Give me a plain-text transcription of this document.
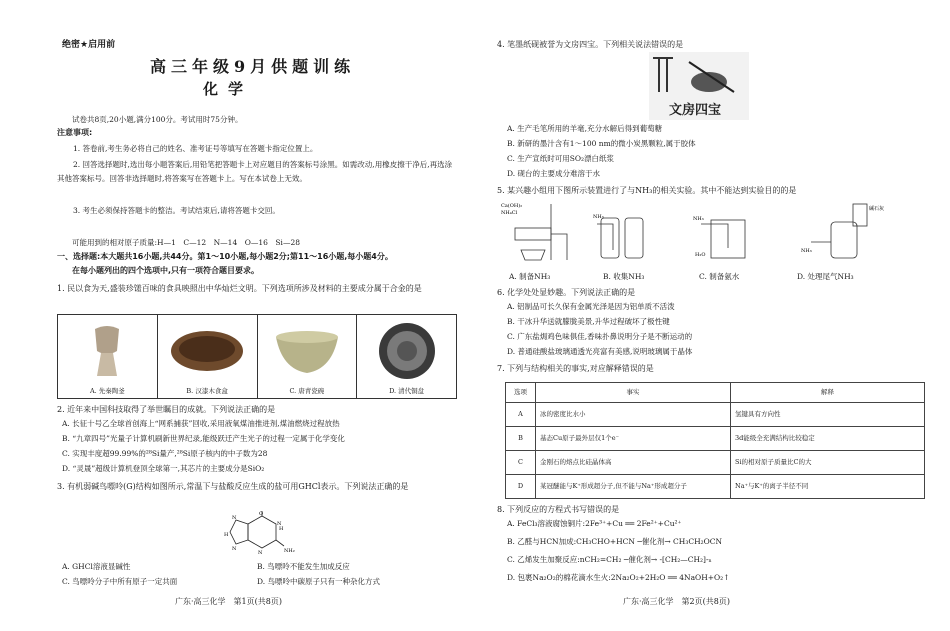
绝密★启用前
高三年级9月供题训练
化学
试卷共8页,20小题,满分100分。考试用时75分钟。
注意事项:
1. 答卷前,考生务必将自己的姓名、准考证号等填写在答题卡指定位置上。
2. 回答选择题时,选出每小题答案后,用铅笔把答题卡上对应题目的答案标号涂黑。如需改动,用橡皮擦干净后,再选涂其他答案标号。回答非选择题时,将答案写在答题卡上。写在本试卷上无效。
3. 考生必须保持答题卡的整洁。考试结束后,请将答题卡交回。
可能用到的相对原子质量:H—1　C—12　N—14　O—16　Si—28
一、选择题:本大题共16小题,共44分。第1～10小题,每小题2分;第11～16小题,每小题4分。
在每小题列出的四个选项中,只有一项符合题目要求。
1. 民以食为天,盛装珍馐百味的食具映照出中华灿烂文明。下列选项所涉及材料的主要成分属于合金的是
A. 先秦陶釜	B. 汉漆木食盒	C. 唐青瓷碗	D. 清代铜盘
2. 近年来中国科技取得了举世瞩目的成就。下列说法正确的是
A. 长征十号乙全球首创海上“网系捕获”回收,采用液氧煤油推进剂,煤油燃烧过程放热
B. “九章四号”光量子计算机刷新世界纪录,能级跃迁产生光子的过程一定属于化学变化
C. 实现丰度超99.99%的²⁸Si量产,²⁸Si原子核内的中子数为28
D. “灵晟”超级计算机登顶全球第一,其芯片的主要成分是SiO₂
3. 有机弱碱鸟嘌呤(G)结构如图所示,常温下与盐酸反应生成的盐可用GHCl表示。下列说法正确的是
O
N
N
H
N
H
N	NH₂
A. GHCl溶液显碱性	B. 鸟嘌呤不能发生加成反应
C. 鸟嘌呤分子中所有原子一定共面	D. 鸟嘌呤中碳原子只有一种杂化方式
广东·高三化学　第1页(共8页)
4. 笔墨纸砚被誉为文房四宝。下列相关说法错误的是
文房四宝
A. 生产毛笔所用的羊毫,充分水解后得到葡萄糖
B. 新研的墨汁含有1～100 nm的微小炭黑颗粒,属于胶体
C. 生产宣纸时可用SO₂漂白纸浆
D. 砚台的主要成分难溶于水
5. 某兴趣小组用下图所示装置进行了与NH₃的相关实验。其中不能达到实验目的的是
Ca(OH)₂
NH₄Cl
NH₃	NH₃
H₂O
碱石灰
NH₃
A. 制备NH₃	B. 收集NH₃	C. 制备氨水	D. 处理尾气NH₃
6. 化学处处显妙趣。下列说法正确的是
A. 铝制品可长久保有金属光泽是因为铝单质不活泼
B. 干冰升华送就朦胧美景,升华过程破坏了极性键
C. 广东盐焗鸡色味俱佳,香味扑鼻说明分子是不断运动的
D. 普通硅酸盐玻璃通透光亮富有美感,说明玻璃属于晶体
7. 下列与结构相关的事实,对应解释错误的是
8. 下列反应的方程式书写错误的是
A. FeCl₃溶液腐蚀铜片:2Fe³⁺+Cu ══ 2Fe²⁺+Cu²⁺
B. 乙醛与HCN加成:CH₃CHO+HCN ─催化剂→ CH₃CH₂OCN
C. 乙烯发生加聚反应:nCH₂=CH₂ ─催化剂→ -[CH₂—CH₂]-ₙ
D. 包裹Na₂O₂的棉花滴水生火:2Na₂O₂+2H₂O ══ 4NaOH+O₂↑
广东·高三化学　第2页(共8页)
选项	事实	解释
A	冰的密度比水小	氢键具有方向性
B	基态Cu原子最外层仅1个e⁻	3d能级全充满结构比较稳定
C	金刚石的熔点比硅晶体高	Si的相对原子质量比C的大
D	某冠醚能与K⁺形成超分子,但不能与Na⁺形成超分子	Na⁺与K⁺的离子半径不同
